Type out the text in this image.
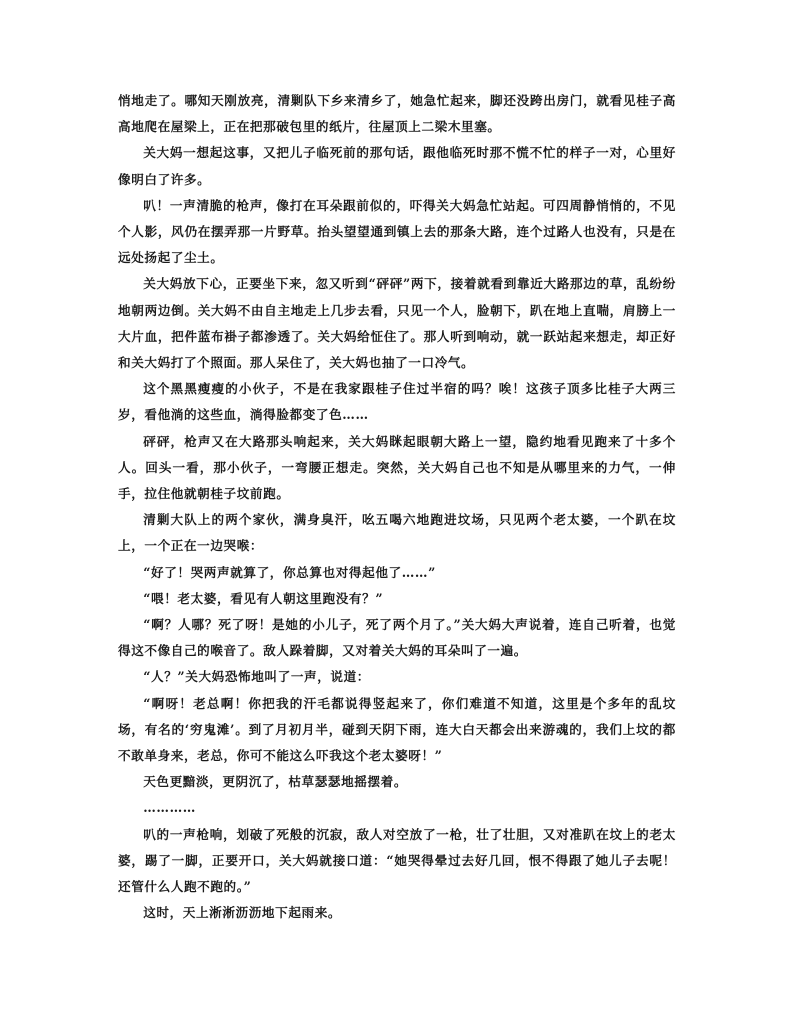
悄地走了。哪知天刚放亮，清剿队下乡来清乡了，她急忙起来，脚还没跨出房门，就看见桂子高高地爬在屋梁上，正在把那破包里的纸片，往屋顶上二梁木里塞。

关大妈一想起这事，又把儿子临死前的那句话，跟他临死时那不慌不忙的样子一对，心里好像明白了许多。

叭！一声清脆的枪声，像打在耳朵跟前似的，吓得关大妈急忙站起。可四周静悄悄的，不见个人影，风仍在摆弄那一片野草。抬头望望通到镇上去的那条大路，连个过路人也没有，只是在远处扬起了尘土。

关大妈放下心，正要坐下来，忽又听到“砰砰”两下，接着就看到靠近大路那边的草，乱纷纷地朝两边倒。关大妈不由自主地走上几步去看，只见一个人，脸朝下，趴在地上直喘，肩膀上一大片血，把件蓝布褂子都渗透了。关大妈给怔住了。那人听到响动，就一跃站起来想走，却正好和关大妈打了个照面。那人呆住了，关大妈也抽了一口冷气。

这个黑黑瘦瘦的小伙子，不是在我家跟桂子住过半宿的吗？唉！这孩子顶多比桂子大两三岁，看他淌的这些血，淌得脸都变了色……

砰砰，枪声又在大路那头响起来，关大妈眯起眼朝大路上一望，隐约地看见跑来了十多个人。回头一看，那小伙子，一弯腰正想走。突然，关大妈自己也不知是从哪里来的力气，一伸手，拉住他就朝桂子坟前跑。

清剿大队上的两个家伙，满身臭汗，吆五喝六地跑进坟场，只见两个老太婆，一个趴在坟上，一个正在一边哭喉：

“好了！哭两声就算了，你总算也对得起他了……”

“喂！老太婆，看见有人朝这里跑没有？”

“啊？人哪？死了呀！是她的小儿子，死了两个月了。”关大妈大声说着，连自己听着，也觉得这不像自己的喉音了。敌人跺着脚，又对着关大妈的耳朵叫了一遍。

“人？”关大妈恐怖地叫了一声，说道：

“啊呀！老总啊！你把我的汗毛都说得竖起来了，你们难道不知道，这里是个多年的乱坟场，有名的‘穷鬼滩’。到了月初月半，碰到天阴下雨，连大白天都会出来游魂的，我们上坟的都不敢单身来，老总，你可不能这么吓我这个老太婆呀！”

天色更黯淡，更阴沉了，枯草瑟瑟地摇摆着。

…………

叭的一声枪响，划破了死般的沉寂，敌人对空放了一枪，壮了壮胆，又对准趴在坟上的老太婆，踢了一脚，正要开口，关大妈就接口道：“她哭得晕过去好几回，恨不得跟了她儿子去呢！还管什么人跑不跑的。”

这时，天上淅淅沥沥地下起雨来。
